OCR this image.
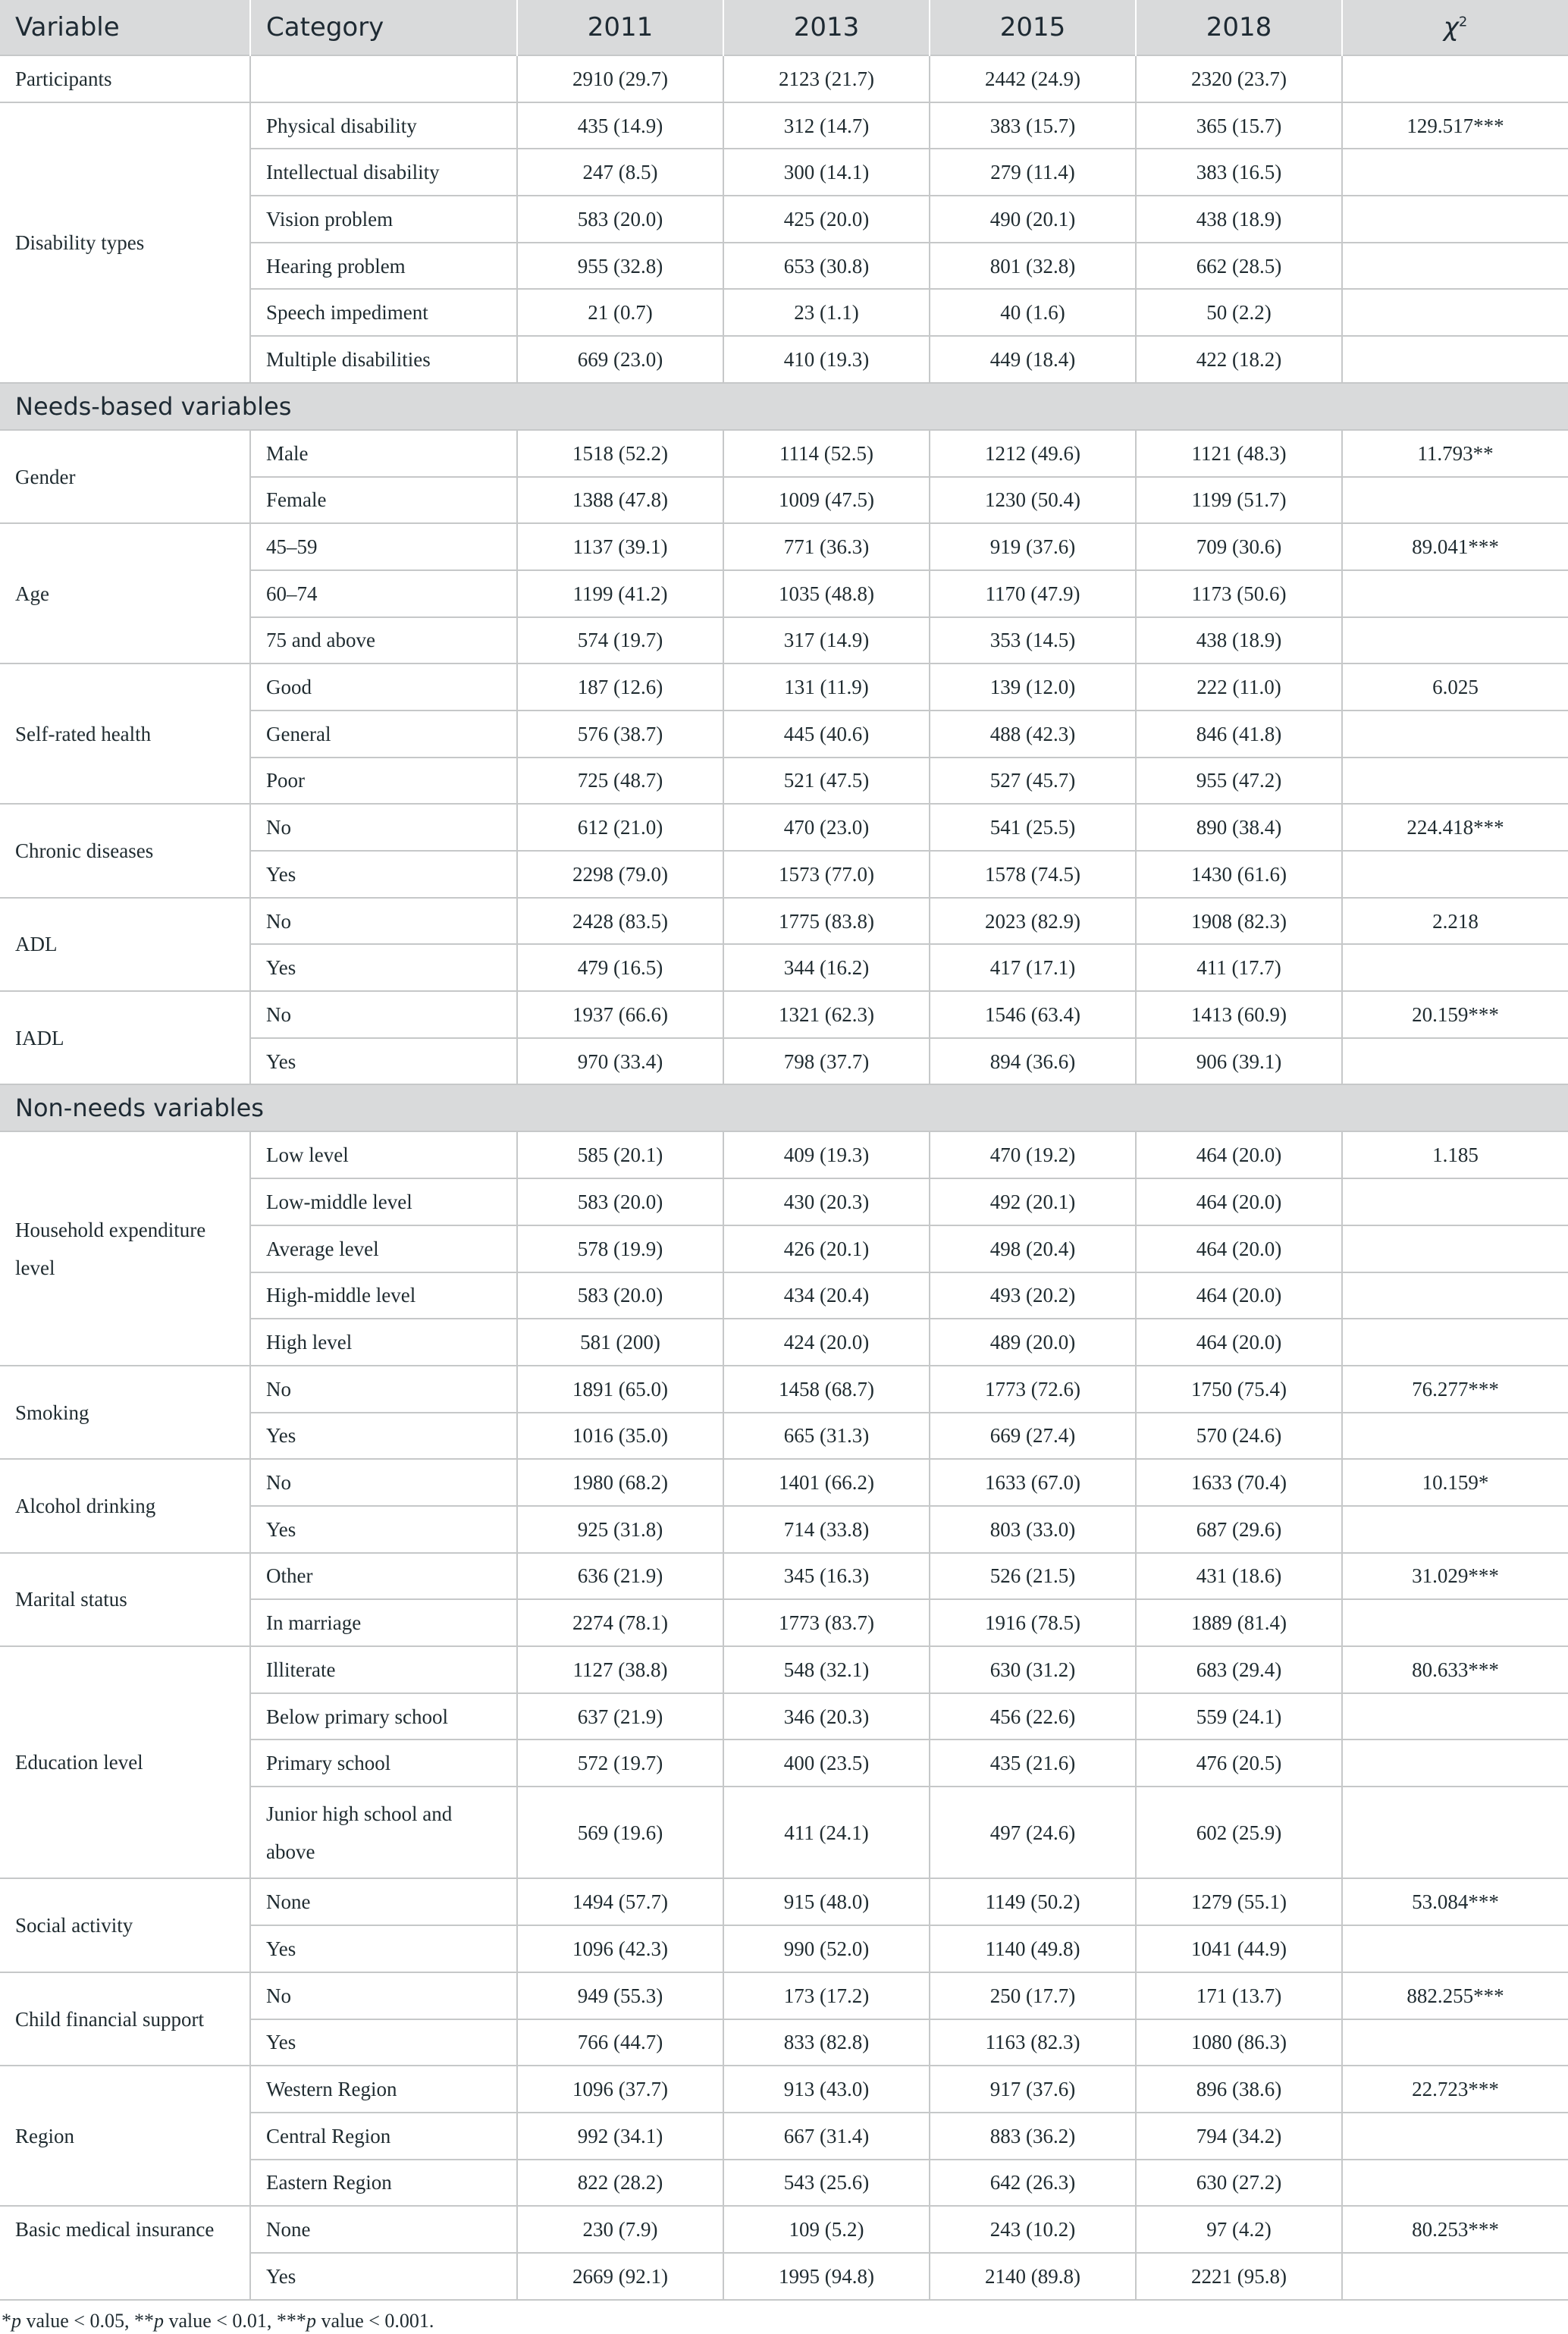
Variable	Category	2011	2013	2015	2018	$\chi^2$
Participants		2910 (29.7)	2123 (21.7)	2442 (24.9)	2320 (23.7)	
Disability types	Physical disability	435 (14.9)	312 (14.7)	383 (15.7)	365 (15.7)	129.517***
	Intellectual disability	247 (8.5)	300 (14.1)	279 (11.4)	383 (16.5)	
	Vision problem	583 (20.0)	425 (20.0)	490 (20.1)	438 (18.9)	
	Hearing problem	955 (32.8)	653 (30.8)	801 (32.8)	662 (28.5)	
	Speech impediment	21 (0.7)	23 (1.1)	40 (1.6)	50 (2.2)	
	Multiple disabilities	669 (23.0)	410 (19.3)	449 (18.4)	422 (18.2)	
Needs-based variables						
Gender	Male	1518 (52.2)	1114 (52.5)	1212 (49.6)	1121 (48.3)	11.793**
	Female	1388 (47.8)	1009 (47.5)	1230 (50.4)	1199 (51.7)	
Age	45–59	1137 (39.1)	771 (36.3)	919 (37.6)	709 (30.6)	89.041***
	60–74	1199 (41.2)	1035 (48.8)	1170 (47.9)	1173 (50.6)	
	75 and above	574 (19.7)	317 (14.9)	353 (14.5)	438 (18.9)	
Self-rated health	Good	187 (12.6)	131 (11.9)	139 (12.0)	222 (11.0)	6.025
	General	576 (38.7)	445 (40.6)	488 (42.3)	846 (41.8)	
	Poor	725 (48.7)	521 (47.5)	527 (45.7)	955 (47.2)	
Chronic diseases	No	612 (21.0)	470 (23.0)	541 (25.5)	890 (38.4)	224.418***
	Yes	2298 (79.0)	1573 (77.0)	1578 (74.5)	1430 (61.6)	
ADL	No	2428 (83.5)	1775 (83.8)	2023 (82.9)	1908 (82.3)	2.218
	Yes	479 (16.5)	344 (16.2)	417 (17.1)	411 (17.7)	
IADL	No	1937 (66.6)	1321 (62.3)	1546 (63.4)	1413 (60.9)	20.159***
	Yes	970 (33.4)	798 (37.7)	894 (36.6)	906 (39.1)	
Non-needs variables						
Household expenditure level	Low level	585 (20.1)	409 (19.3)	470 (19.2)	464 (20.0)	1.185
	Low-middle level	583 (20.0)	430 (20.3)	492 (20.1)	464 (20.0)	
	Average level	578 (19.9)	426 (20.1)	498 (20.4)	464 (20.0)	
	High-middle level	583 (20.0)	434 (20.4)	493 (20.2)	464 (20.0)	
	High level	581 (200)	424 (20.0)	489 (20.0)	464 (20.0)	
Smoking	No	1891 (65.0)	1458 (68.7)	1773 (72.6)	1750 (75.4)	76.277***
	Yes	1016 (35.0)	665 (31.3)	669 (27.4)	570 (24.6)	
Alcohol drinking	No	1980 (68.2)	1401 (66.2)	1633 (67.0)	1633 (70.4)	10.159*
	Yes	925 (31.8)	714 (33.8)	803 (33.0)	687 (29.6)	
Marital status	Other	636 (21.9)	345 (16.3)	526 (21.5)	431 (18.6)	31.029***
	In marriage	2274 (78.1)	1773 (83.7)	1916 (78.5)	1889 (81.4)	
Education level	Illiterate	1127 (38.8)	548 (32.1)	630 (31.2)	683 (29.4)	80.633***
	Below primary school	637 (21.9)	346 (20.3)	456 (22.6)	559 (24.1)	
	Primary school	572 (19.7)	400 (23.5)	435 (21.6)	476 (20.5)	
	Junior high school and above	569 (19.6)	411 (24.1)	497 (24.6)	602 (25.9)	
Social activity	None	1494 (57.7)	915 (48.0)	1149 (50.2)	1279 (55.1)	53.084***
	Yes	1096 (42.3)	990 (52.0)	1140 (49.8)	1041 (44.9)	
Child financial support	No	949 (55.3)	173 (17.2)	250 (17.7)	171 (13.7)	882.255***
	Yes	766 (44.7)	833 (82.8)	1163 (82.3)	1080 (86.3)	
Region	Western Region	1096 (37.7)	913 (43.0)	917 (37.6)	896 (38.6)	22.723***
	Central Region	992 (34.1)	667 (31.4)	883 (36.2)	794 (34.2)	
	Eastern Region	822 (28.2)	543 (25.6)	642 (26.3)	630 (27.2)	
Basic medical insurance	None	230 (7.9)	109 (5.2)	243 (10.2)	97 (4.2)	80.253***
	Yes	2669 (92.1)	1995 (94.8)	2140 (89.8)	2221 (95.8)	
*p value < 0.05, **p value < 0.01, ***p value < 0.001.
